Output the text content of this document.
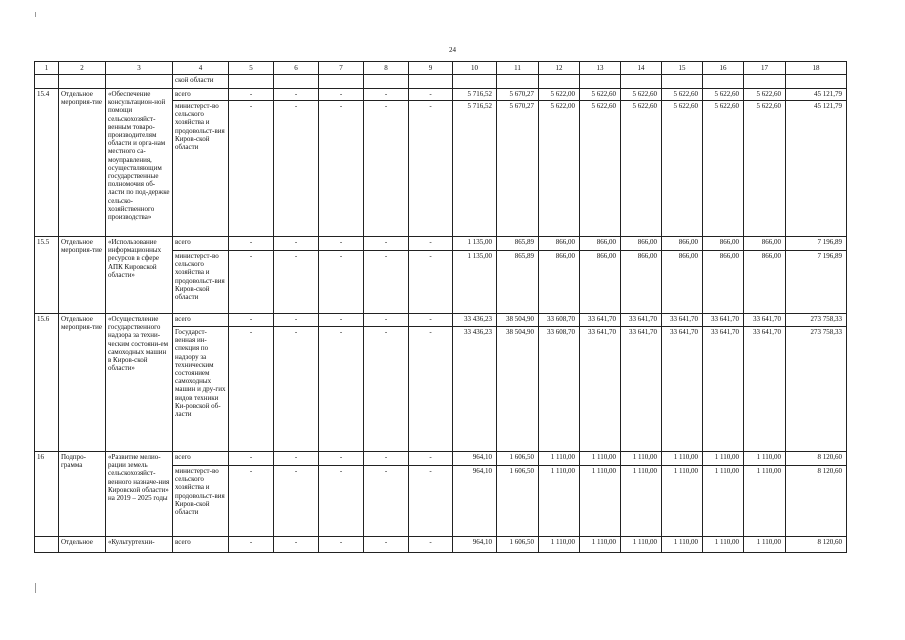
24
1	2	3	4	5	6	7	8	9	10	11	12	13	14	15	16	17	18
			ской области														
15.4	Отдельное мероприя-тие	«Обеспечение консультацион-ной помощи сельскохозяйст-венным товаро-производителям области и орга-нам местного са-моуправления, осуществляющим государственные полномочия об-ласти по под-держке сельско-хозяйственного производства»	всего	-	-	-	-	-	5 716,52	5 670,27	5 622,00	5 622,60	5 622,60	5 622,60	5 622,60	5 622,60	45 121,79
			министерст-во сельского хозяйства и продовольст-вия Киров-ской области	-	-	-	-	-	5 716,52	5 670,27	5 622,00	5 622,60	5 622,60	5 622,60	5 622,60	5 622,60	45 121,79
15.5	Отдельное мероприя-тие	«Использование информационных ресурсов в сфере АПК Кировской области»	всего	-	-	-	-	-	1 135,00	865,89	866,00	866,00	866,00	866,00	866,00	866,00	7 196,89
			министерст-во сельского хозяйства и продовольст-вия Киров-ской области	-	-	-	-	-	1 135,00	865,89	866,00	866,00	866,00	866,00	866,00	866,00	7 196,89
15.6	Отдельное мероприя-тие	«Осуществление государственного надзора за техни-ческим состояни-ем самоходных машин в Киров-ской области»	всего	-	-	-	-	-	33 436,23	38 504,90	33 608,70	33 641,70	33 641,70	33 641,70	33 641,70	33 641,70	273 758,33
			Государст-венная ин-спекция по надзору за техническим состоянием самоходных машин и дру-гих видов техники Ки-ровской об-ласти	-	-	-	-	-	33 436,23	38 504,90	33 608,70	33 641,70	33 641,70	33 641,70	33 641,70	33 641,70	273 758,33
16	Подпро-грамма	«Развитие мелио-рации земель сельскохозяйст-венного назначе-ния Кировской области» на 2019 – 2025 годы	всего	-	-	-	-	-	964,10	1 606,50	1 110,00	1 110,00	1 110,00	1 110,00	1 110,00	1 110,00	8 120,60
			министерст-во сельского хозяйства и продовольст-вия Киров-ской области	-	-	-	-	-	964,10	1 606,50	1 110,00	1 110,00	1 110,00	1 110,00	1 110,00	1 110,00	8 120,60
	Отдельное	«Культуртехни-	всего	-	-	-	-	-	964,10	1 606,50	1 110,00	1 110,00	1 110,00	1 110,00	1 110,00	1 110,00	8 120,60
